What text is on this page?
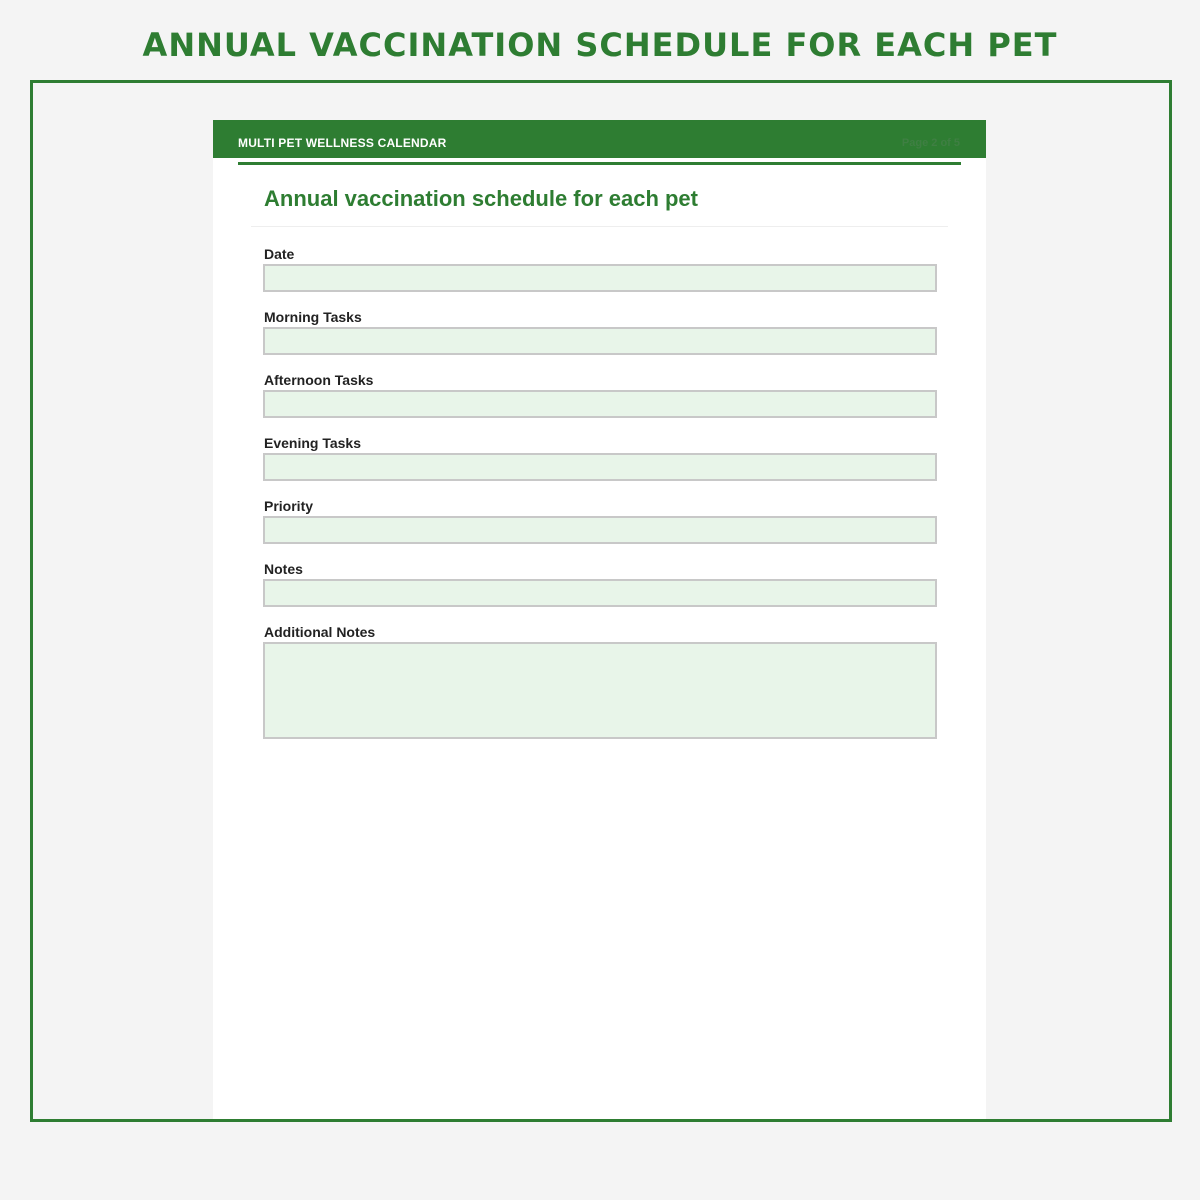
ANNUAL VACCINATION SCHEDULE FOR EACH PET
MULTI PET WELLNESS CALENDAR	Page 2 of 5
Annual vaccination schedule for each pet
Date
Morning Tasks
Afternoon Tasks
Evening Tasks
Priority
Notes
Additional Notes
